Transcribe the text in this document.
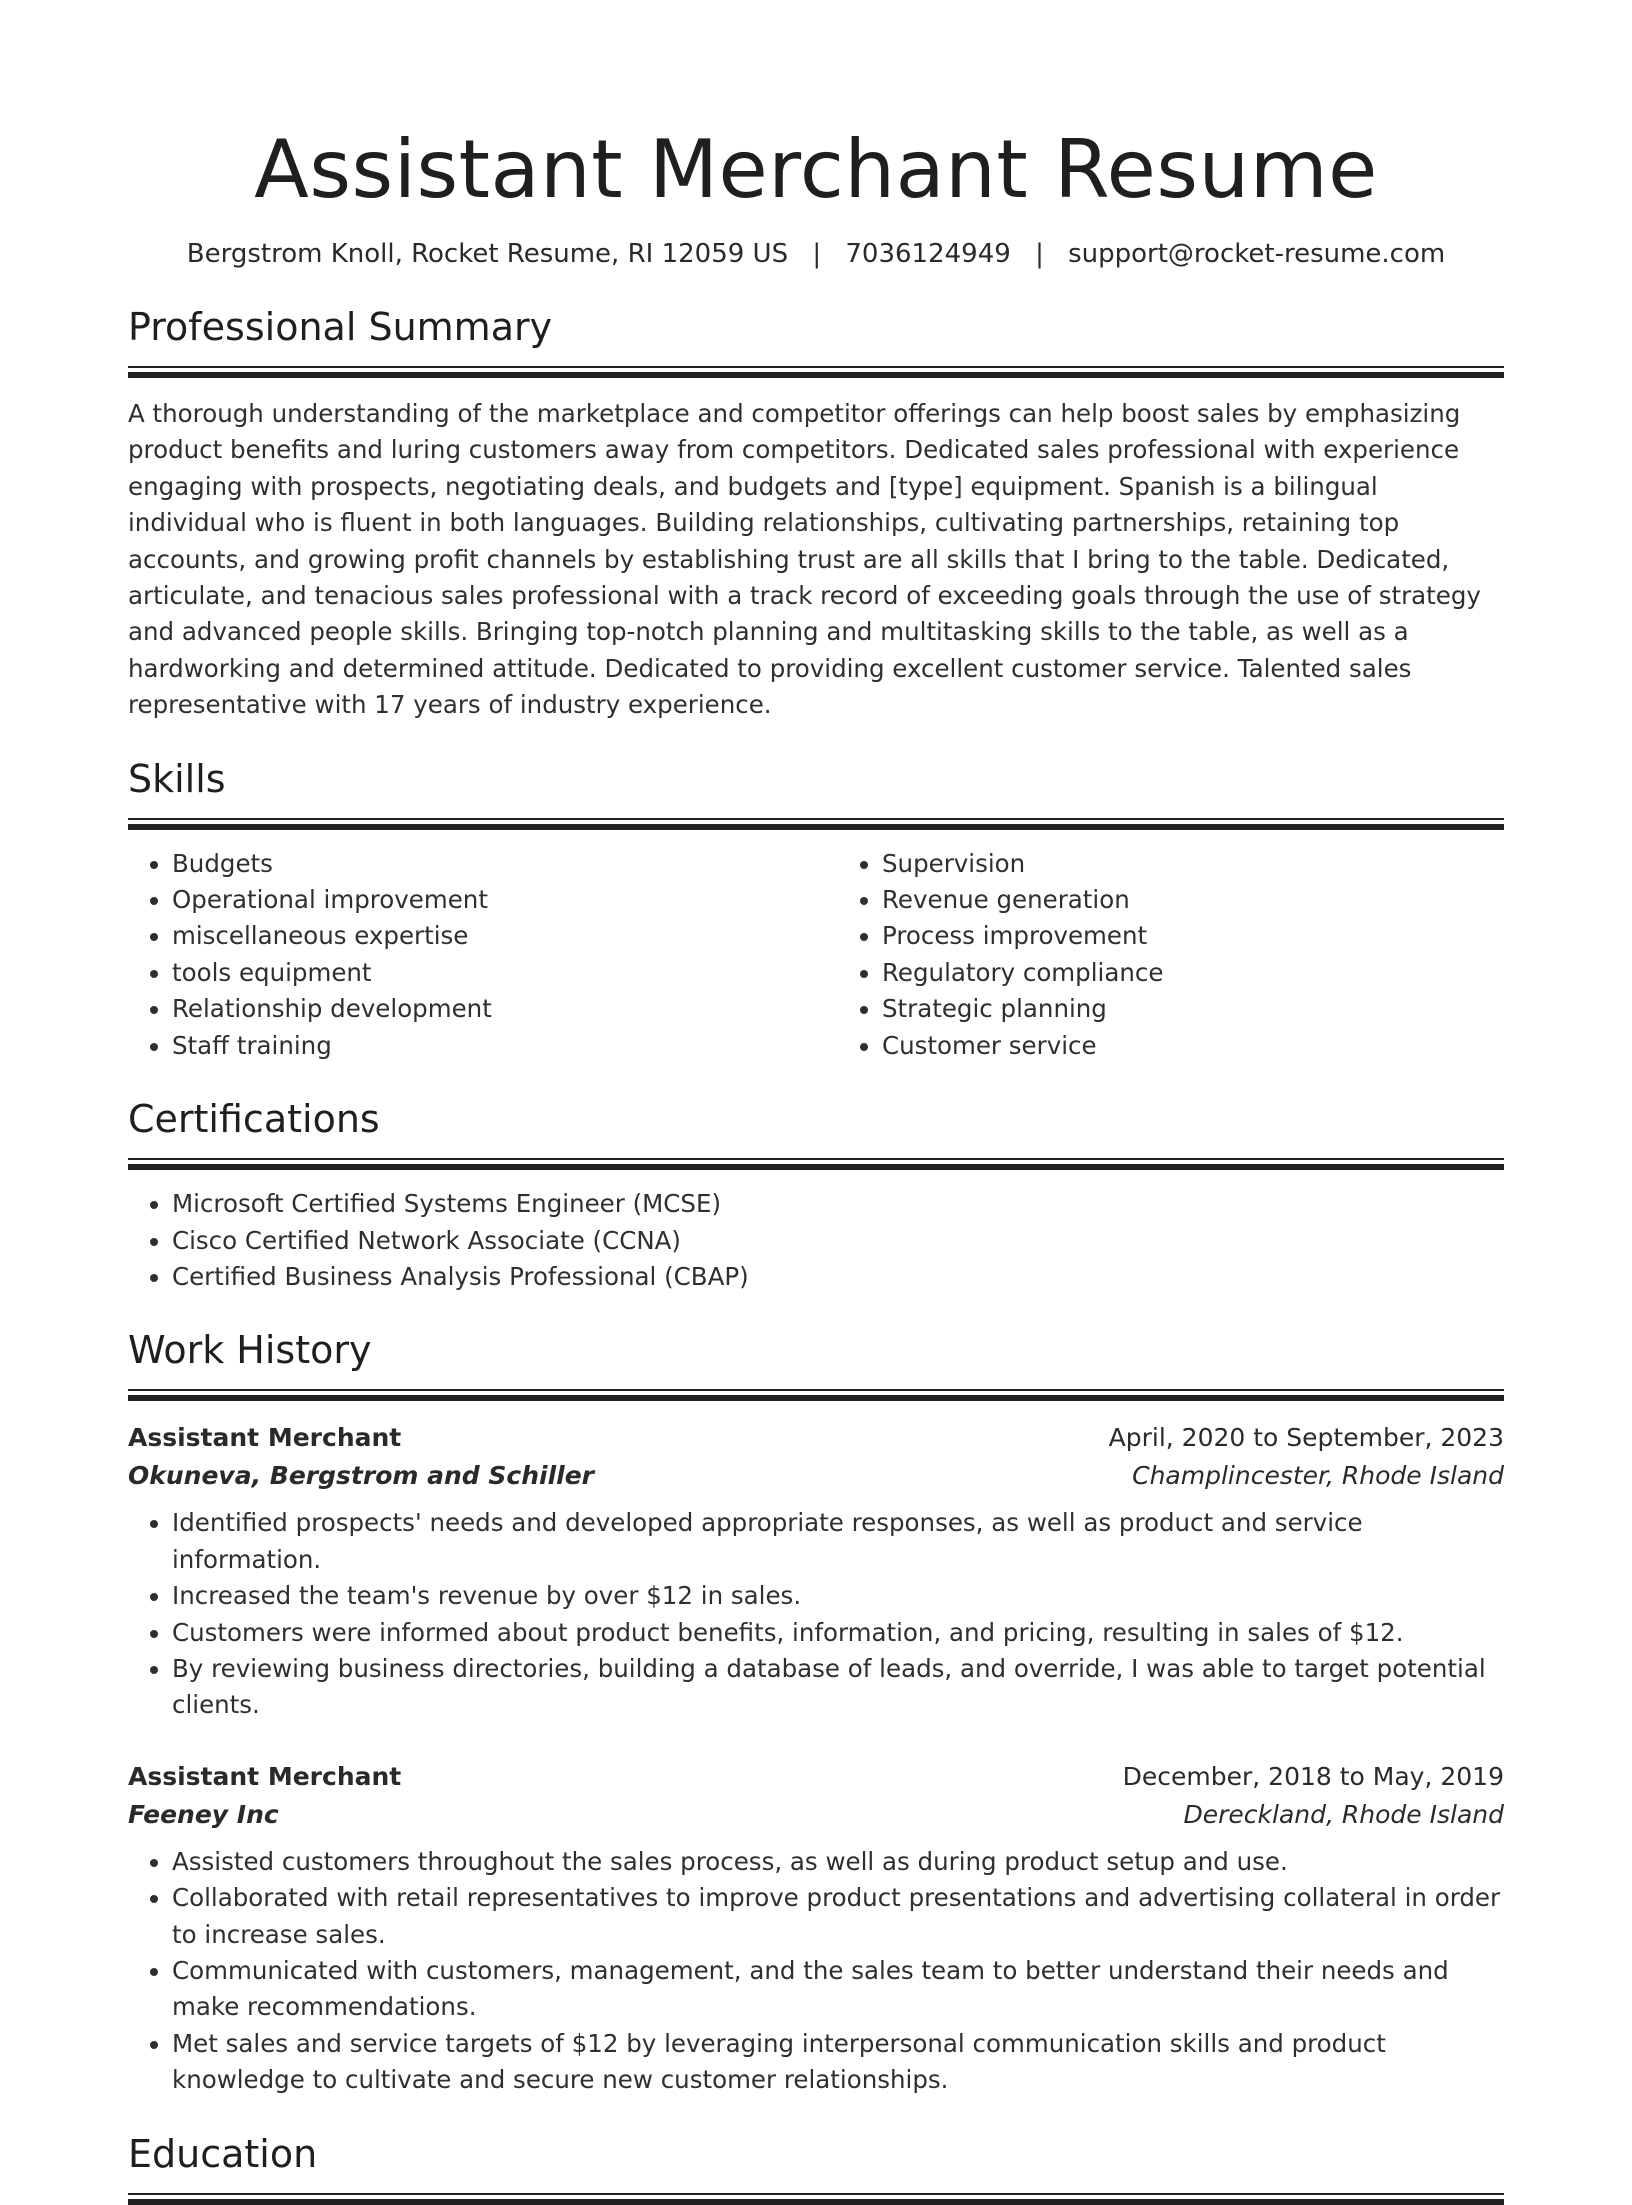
Assistant Merchant Resume
Bergstrom Knoll, Rocket Resume, RI 12059 US | 7036124949 | support@rocket-resume.com
Professional Summary

A thorough understanding of the marketplace and competitor offerings can help boost sales by emphasizing product benefits and luring customers away from competitors. Dedicated sales professional with experience engaging with prospects, negotiating deals, and budgets and [type] equipment. Spanish is a bilingual individual who is fluent in both languages. Building relationships, cultivating partnerships, retaining top accounts, and growing profit channels by establishing trust are all skills that I bring to the table. Dedicated, articulate, and tenacious sales professional with a track record of exceeding goals through the use of strategy and advanced people skills. Bringing top-notch planning and multitasking skills to the table, as well as a hardworking and determined attitude. Dedicated to providing excellent customer service. Talented sales representative with 17 years of industry experience.

Skills
• Budgets
• Operational improvement
• miscellaneous expertise
• tools equipment
• Relationship development
• Staff training
• Supervision
• Revenue generation
• Process improvement
• Regulatory compliance
• Strategic planning
• Customer service
Certifications
• Microsoft Certified Systems Engineer (MCSE)
• Cisco Certified Network Associate (CCNA)
• Certified Business Analysis Professional (CBAP)
Work History
Assistant Merchant	April, 2020 to September, 2023
Okuneva, Bergstrom and Schiller	Champlincester, Rhode Island
• Identified prospects' needs and developed appropriate responses, as well as product and service information.
• Increased the team's revenue by over $12 in sales.
• Customers were informed about product benefits, information, and pricing, resulting in sales of $12.
• By reviewing business directories, building a database of leads, and override, I was able to target potential clients.
Assistant Merchant	December, 2018 to May, 2019
Feeney Inc	Dereckland, Rhode Island
• Assisted customers throughout the sales process, as well as during product setup and use.
• Collaborated with retail representatives to improve product presentations and advertising collateral in order to increase sales.
• Communicated with customers, management, and the sales team to better understand their needs and make recommendations.
• Met sales and service targets of $12 by leveraging interpersonal communication skills and product knowledge to cultivate and secure new customer relationships.
Education
